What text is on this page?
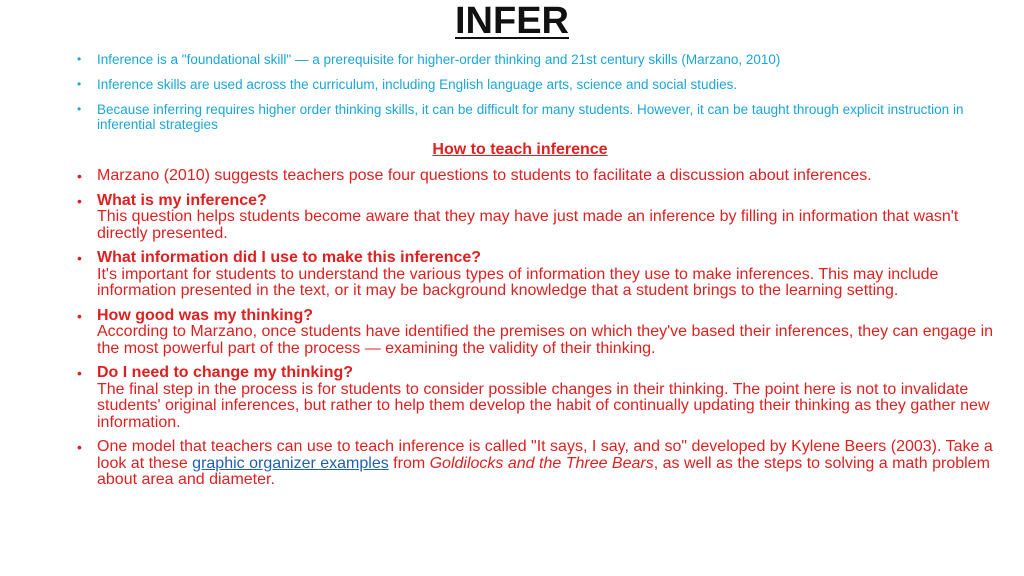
INFER
• Inference is a "foundational skill" — a prerequisite for higher-order thinking and 21st century skills (Marzano, 2010)
• Inference skills are used across the curriculum, including English language arts, science and social studies.
• Because inferring requires higher order thinking skills, it can be difficult for many students. However, it can be taught through explicit instruction in inferential strategies
How to teach inference
• Marzano (2010) suggests teachers pose four questions to students to facilitate a discussion about inferences.
• What is my inference?
This question helps students become aware that they may have just made an inference by filling in information that wasn't directly presented.
• What information did I use to make this inference?
It's important for students to understand the various types of information they use to make inferences. This may include information presented in the text, or it may be background knowledge that a student brings to the learning setting.
• How good was my thinking?
According to Marzano, once students have identified the premises on which they've based their inferences, they can engage in the most powerful part of the process — examining the validity of their thinking.
• Do I need to change my thinking?
The final step in the process is for students to consider possible changes in their thinking. The point here is not to invalidate students' original inferences, but rather to help them develop the habit of continually updating their thinking as they gather new information.
• One model that teachers can use to teach inference is called "It says, I say, and so" developed by Kylene Beers (2003). Take a look at these graphic organizer examples from Goldilocks and the Three Bears, as well as the steps to solving a math problem about area and diameter.
